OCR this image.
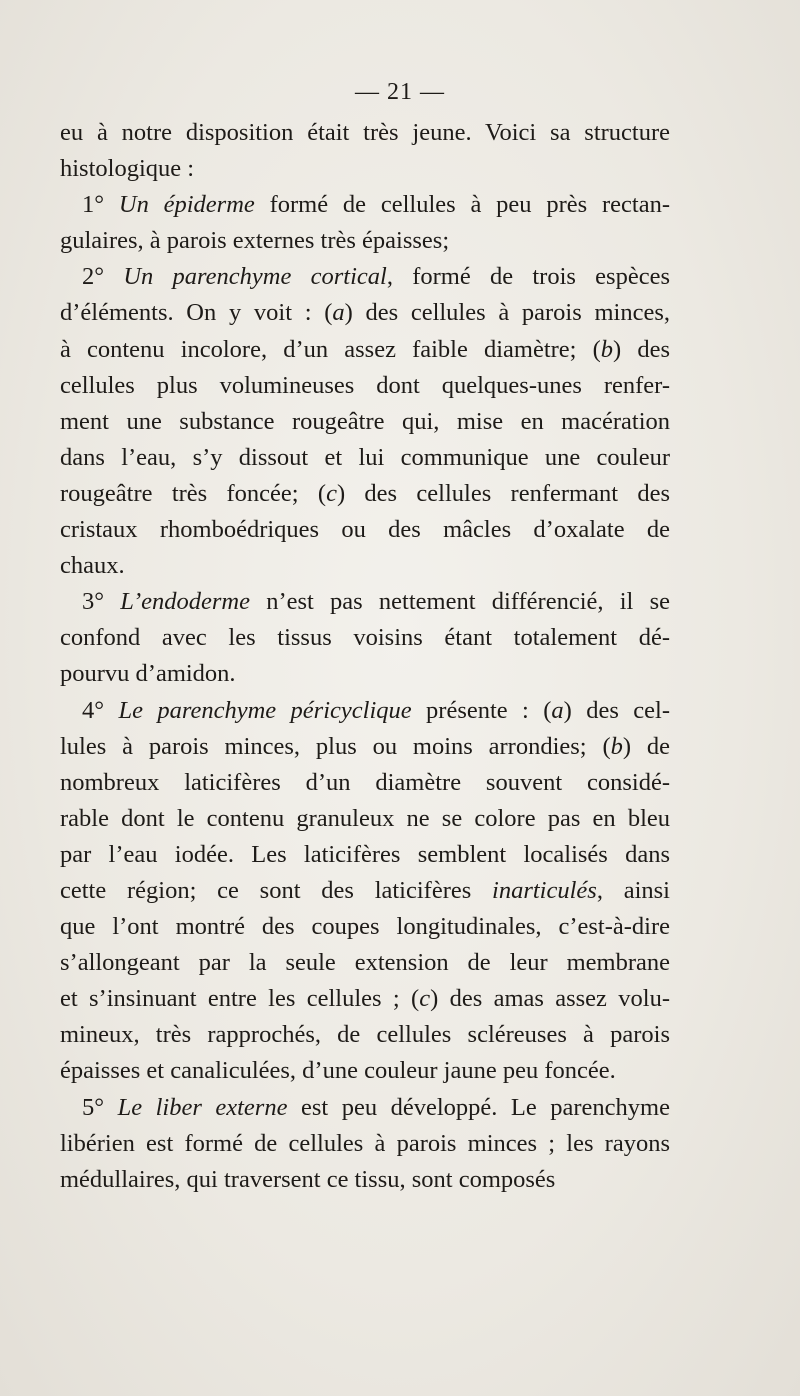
— 21 —
eu à notre disposition était très jeune. Voici sa structure
histologique :
1° Un épiderme formé de cellules à peu près rectan-
gulaires, à parois externes très épaisses;
2° Un parenchyme cortical, formé de trois espèces
d’éléments. On y voit : (a) des cellules à parois minces,
à contenu incolore, d’un assez faible diamètre; (b) des
cellules plus volumineuses dont quelques-unes renfer-
ment une substance rougeâtre qui, mise en macération
dans l’eau, s’y dissout et lui communique une couleur
rougeâtre très foncée; (c) des cellules renfermant des
cristaux rhomboédriques ou des mâcles d’oxalate de
chaux.
3° L’endoderme n’est pas nettement différencié, il se
confond avec les tissus voisins étant totalement dé-
pourvu d’amidon.
4° Le parenchyme péricyclique présente : (a) des cel-
lules à parois minces, plus ou moins arrondies; (b) de
nombreux laticifères d’un diamètre souvent considé-
rable dont le contenu granuleux ne se colore pas en bleu
par l’eau iodée. Les laticifères semblent localisés dans
cette région; ce sont des laticifères inarticulés, ainsi
que l’ont montré des coupes longitudinales, c’est-à-dire
s’allongeant par la seule extension de leur membrane
et s’insinuant entre les cellules ; (c) des amas assez volu-
mineux, très rapprochés, de cellules scléreuses à parois
épaisses et canaliculées, d’une couleur jaune peu foncée.
5° Le liber externe est peu développé. Le parenchyme
libérien est formé de cellules à parois minces ; les rayons
médullaires, qui traversent ce tissu, sont composés
